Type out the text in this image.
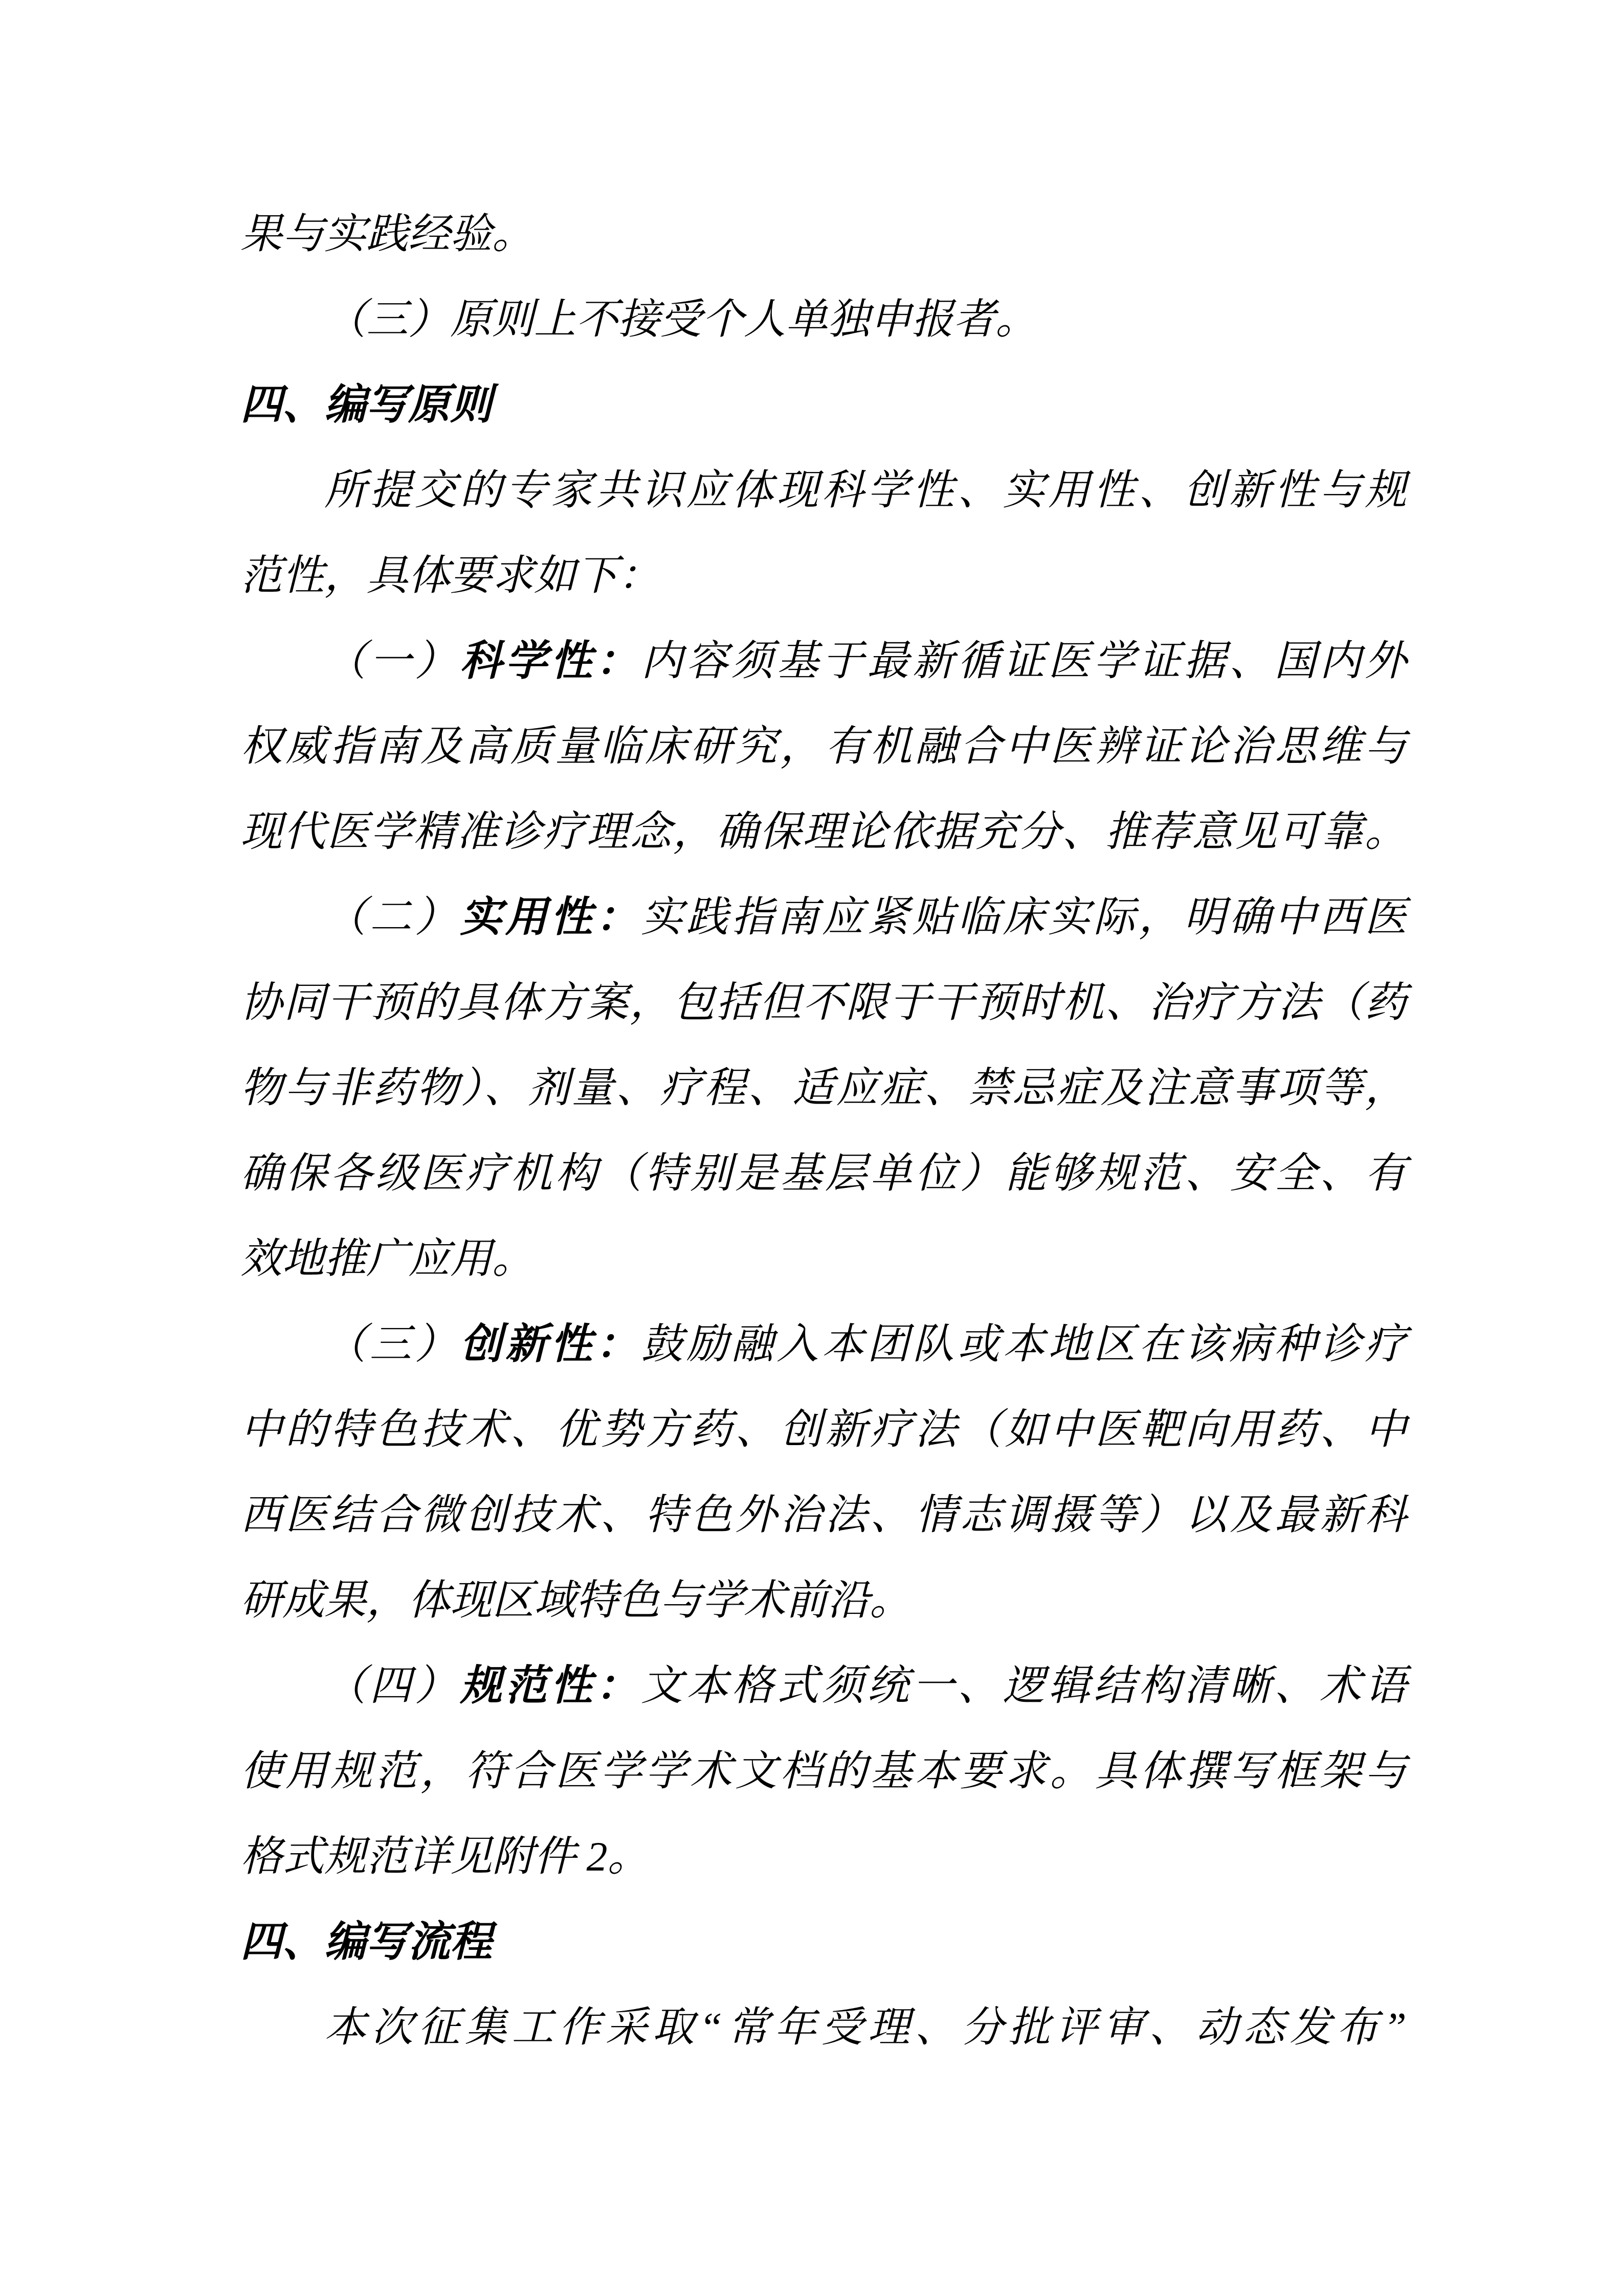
果与实践经验。
（三）原则上不接受个人单独申报者。
四、编写原则
所提交的专家共识应体现科学性、实用性、创新性与规
范性，具体要求如下：
（一）科学性：内容须基于最新循证医学证据、国内外
权威指南及高质量临床研究，有机融合中医辨证论治思维与
现代医学精准诊疗理念，确保理论依据充分、推荐意见可靠。
（二）实用性：实践指南应紧贴临床实际，明确中西医
协同干预的具体方案，包括但不限于干预时机、治疗方法（药
物与非药物）、剂量、疗程、适应症、禁忌症及注意事项等，
确保各级医疗机构（特别是基层单位）能够规范、安全、有
效地推广应用。
（三）创新性：鼓励融入本团队或本地区在该病种诊疗
中的特色技术、优势方药、创新疗法（如中医靶向用药、中
西医结合微创技术、特色外治法、情志调摄等）以及最新科
研成果，体现区域特色与学术前沿。
（四）规范性：文本格式须统一、逻辑结构清晰、术语
使用规范，符合医学学术文档的基本要求。具体撰写框架与
格式规范详见附件 2。
四、编写流程
本次征集工作采取“常年受理、分批评审、动态发布”
